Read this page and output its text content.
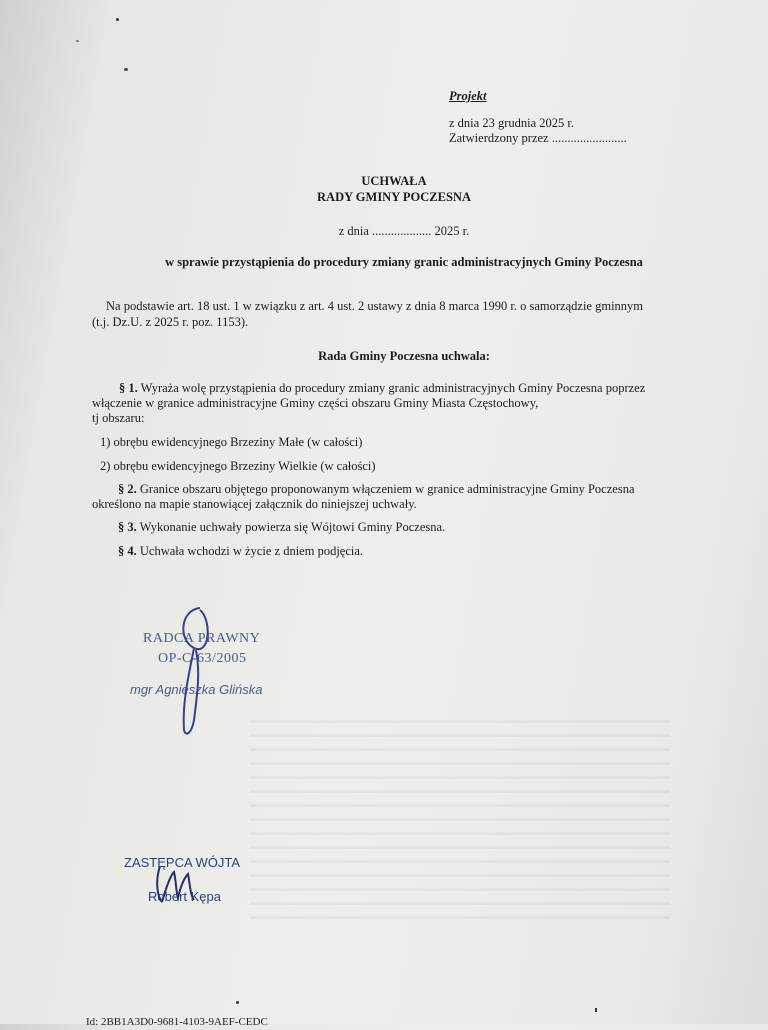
Projekt
z dnia 23 grudnia 2025 r.
Zatwierdzony przez ........................
UCHWAŁA
RADY GMINY POCZESNA
z dnia ................... 2025 r.
w sprawie przystąpienia do procedury zmiany granic administracyjnych Gminy Poczesna
Na podstawie art. 18 ust. 1 w związku z art. 4 ust. 2 ustawy z dnia 8 marca 1990 r. o samorządzie gminnym
(t.j. Dz.U. z 2025 r. poz. 1153).
Rada Gminy Poczesna uchwala:
§ 1. Wyraża wolę przystąpienia do procedury zmiany granic administracyjnych Gminy Poczesna poprzez
włączenie w granice administracyjne Gminy części obszaru Gminy Miasta Częstochowy,
tj obszaru:
1) obrębu ewidencyjnego Brzeziny Małe (w całości)
2) obrębu ewidencyjnego Brzeziny Wielkie (w całości)
§ 2. Granice obszaru objętego proponowanym włączeniem w granice administracyjne Gminy Poczesna
określono na mapie stanowiącej załącznik do niniejszej uchwały.
§ 3. Wykonanie uchwały powierza się Wójtowi Gminy Poczesna.
§ 4. Uchwała wchodzi w życie z dniem podjęcia.
RADCA PRAWNY
OP-C-63/2005
mgr Agnieszka Glińska
ZASTĘPCA WÓJTA
Robert Kępa
Id: 2BB1A3D0-9681-4103-9AEF-CEDC
